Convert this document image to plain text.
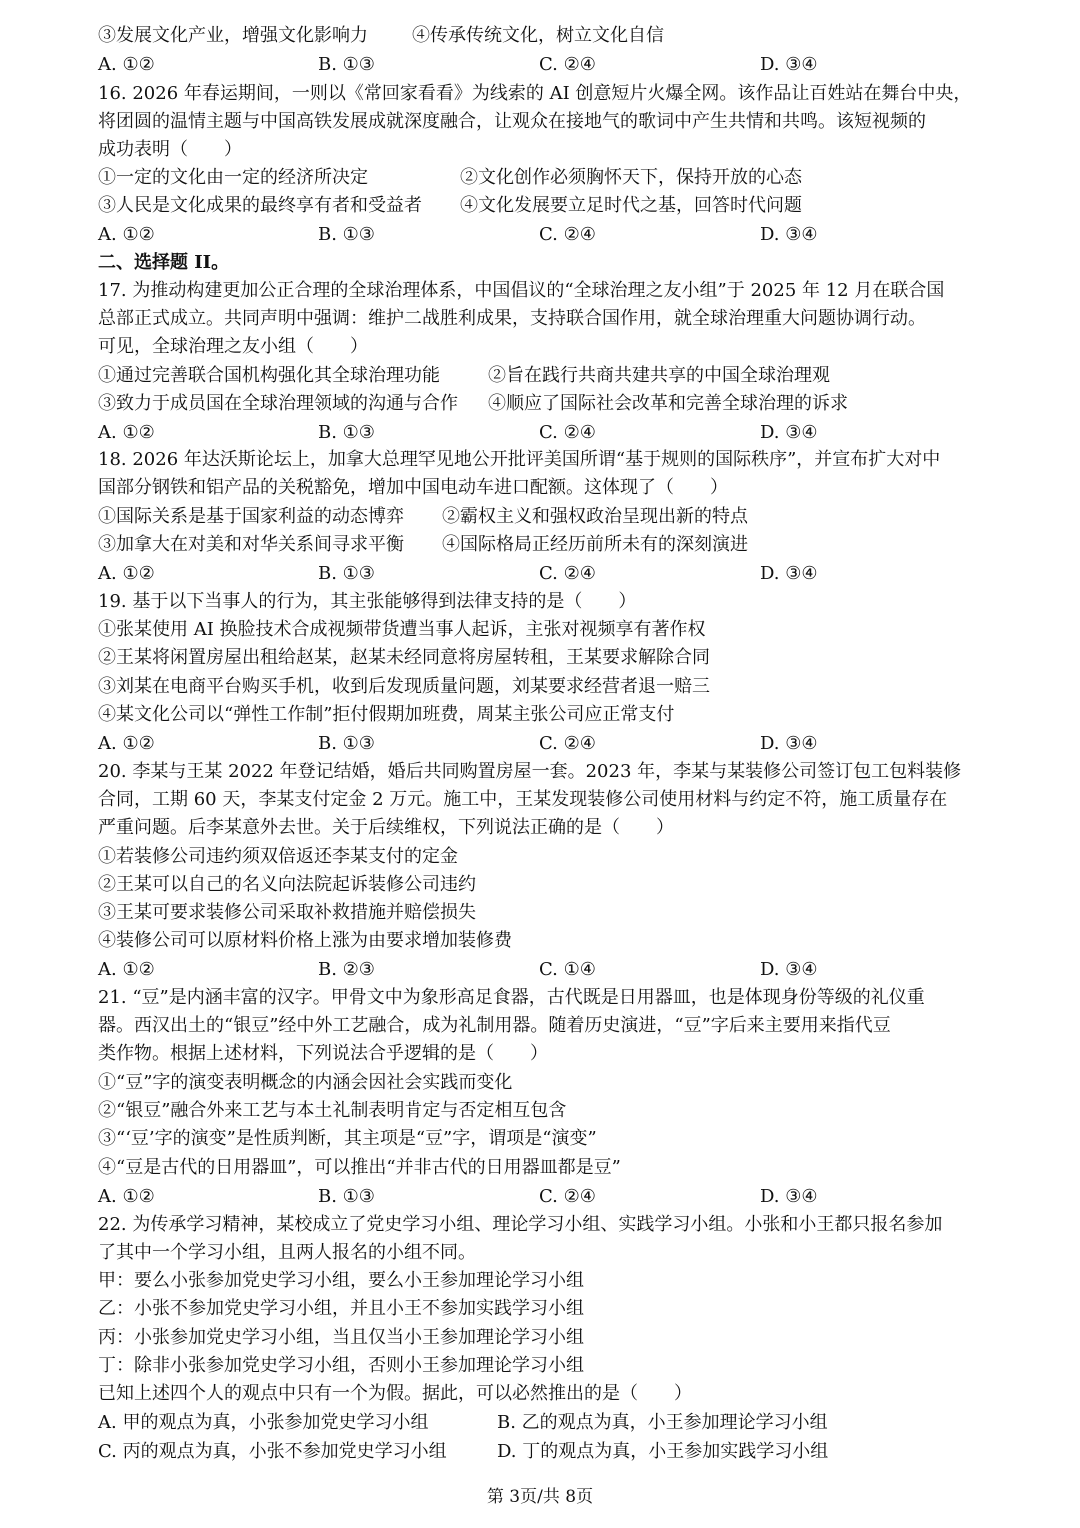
③发展文化产业，增强文化影响力 ④传承传统文化，树立文化自信
A. ①②	B. ①③	C. ②④	D. ③④
16. 2026 年春运期间，一则以《常回家看看》为线索的 AI 创意短片火爆全网。该作品让百姓站在舞台中央，
将团圆的温情主题与中国高铁发展成就深度融合，让观众在接地气的歌词中产生共情和共鸣。该短视频的
成功表明（　　）
①一定的文化由一定的经济所决定	②文化创作必须胸怀天下，保持开放的心态
③人民是文化成果的最终享有者和受益者 ④文化发展要立足时代之基，回答时代问题
A. ①②	B. ①③	C. ②④	D. ③④
二、选择题 II。
17. 为推动构建更加公正合理的全球治理体系，中国倡议的“全球治理之友小组”于 2025 年 12 月在联合国
总部正式成立。共同声明中强调：维护二战胜利成果，支持联合国作用，就全球治理重大问题协调行动。
可见，全球治理之友小组（　　）
①通过完善联合国机构强化其全球治理功能	②旨在践行共商共建共享的中国全球治理观
③致力于成员国在全球治理领域的沟通与合作 ④顺应了国际社会改革和完善全球治理的诉求
A. ①②	B. ①③	C. ②④	D. ③④
18. 2026 年达沃斯论坛上，加拿大总理罕见地公开批评美国所谓“基于规则的国际秩序”，并宣布扩大对中
国部分钢铁和铝产品的关税豁免，增加中国电动车进口配额。这体现了（　　）
①国际关系是基于国家利益的动态博弈 ②霸权主义和强权政治呈现出新的特点
③加拿大在对美和对华关系间寻求平衡 ④国际格局正经历前所未有的深刻演进
A. ①②	B. ①③	C. ②④	D. ③④
19. 基于以下当事人的行为，其主张能够得到法律支持的是（　　）
①张某使用 AI 换脸技术合成视频带货遭当事人起诉，主张对视频享有著作权
②王某将闲置房屋出租给赵某，赵某未经同意将房屋转租，王某要求解除合同
③刘某在电商平台购买手机，收到后发现质量问题，刘某要求经营者退一赔三
④某文化公司以“弹性工作制”拒付假期加班费，周某主张公司应正常支付
A. ①②	B. ①③	C. ②④	D. ③④
20. 李某与王某 2022 年登记结婚，婚后共同购置房屋一套。2023 年，李某与某装修公司签订包工包料装修
合同，工期 60 天，李某支付定金 2 万元。施工中，王某发现装修公司使用材料与约定不符，施工质量存在
严重问题。后李某意外去世。关于后续维权，下列说法正确的是（　　）
①若装修公司违约须双倍返还李某支付的定金
②王某可以自己的名义向法院起诉装修公司违约
③王某可要求装修公司采取补救措施并赔偿损失
④装修公司可以原材料价格上涨为由要求增加装修费
A. ①②	B. ②③	C. ①④	D. ③④
21. “豆”是内涵丰富的汉字。甲骨文中为象形高足食器，古代既是日用器皿，也是体现身份等级的礼仪重
器。西汉出土的“银豆”经中外工艺融合，成为礼制用器。随着历史演进，“豆”字后来主要用来指代豆
类作物。根据上述材料，下列说法合乎逻辑的是（　　）
①“豆”字的演变表明概念的内涵会因社会实践而变化
②“银豆”融合外来工艺与本土礼制表明肯定与否定相互包含
③“‘豆’字的演变”是性质判断，其主项是“豆”字，谓项是“演变”
④“豆是古代的日用器皿”，可以推出“并非古代的日用器皿都是豆”
A. ①②	B. ①③	C. ②④	D. ③④
22. 为传承学习精神，某校成立了党史学习小组、理论学习小组、实践学习小组。小张和小王都只报名参加
了其中一个学习小组，且两人报名的小组不同。
甲：要么小张参加党史学习小组，要么小王参加理论学习小组
乙：小张不参加党史学习小组，并且小王不参加实践学习小组
丙：小张参加党史学习小组，当且仅当小王参加理论学习小组
丁：除非小张参加党史学习小组，否则小王参加理论学习小组
已知上述四个人的观点中只有一个为假。据此，可以必然推出的是（　　）
A. 甲的观点为真，小张参加党史学习小组	B. 乙的观点为真，小王参加理论学习小组
C. 丙的观点为真，小张不参加党史学习小组	D. 丁的观点为真，小王参加实践学习小组
第 3页/共 8页
